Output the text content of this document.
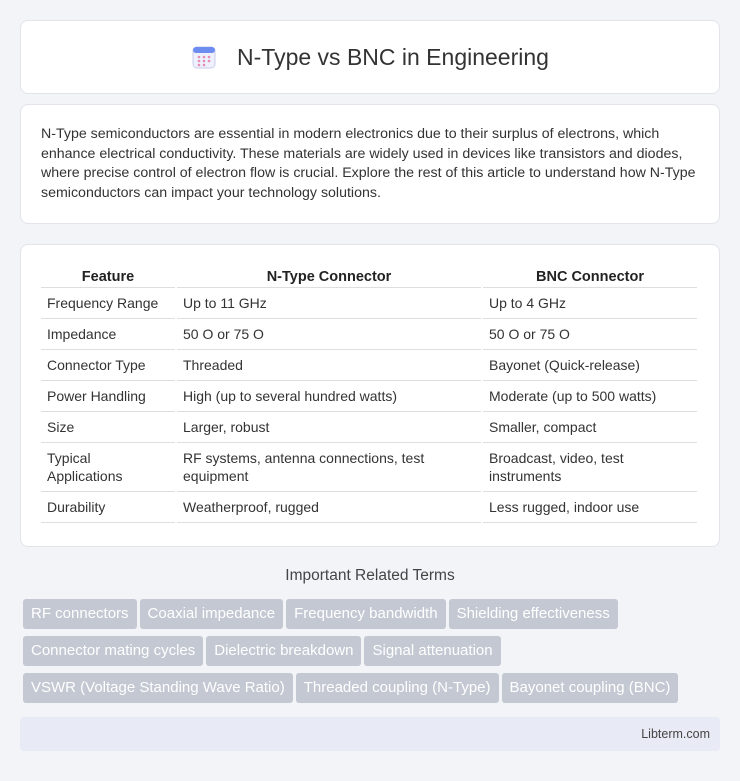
N-Type vs BNC in Engineering

N-Type semiconductors are essential in modern electronics due to their surplus of electrons, which enhance electrical conductivity. These materials are widely used in devices like transistors and diodes, where precise control of electron flow is crucial. Explore the rest of this article to understand how N-Type semiconductors can impact your technology solutions.

Feature	N-Type Connector	BNC Connector
Frequency Range	Up to 11 GHz	Up to 4 GHz
Impedance	50 Ο or 75 Ο	50 Ο or 75 Ο
Connector Type	Threaded	Bayonet (Quick-release)
Power Handling	High (up to several hundred watts)	Moderate (up to 500 watts)
Size	Larger, robust	Smaller, compact
Typical Applications	RF systems, antenna connections, test equipment	Broadcast, video, test instruments
Durability	Weatherproof, rugged	Less rugged, indoor use
Important Related Terms
RF connectors Coaxial impedance Frequency bandwidth Shielding effectiveness
Connector mating cycles Dielectric breakdown Signal attenuation
VSWR (Voltage Standing Wave Ratio) Threaded coupling (N-Type) Bayonet coupling (BNC)
Libterm.com
